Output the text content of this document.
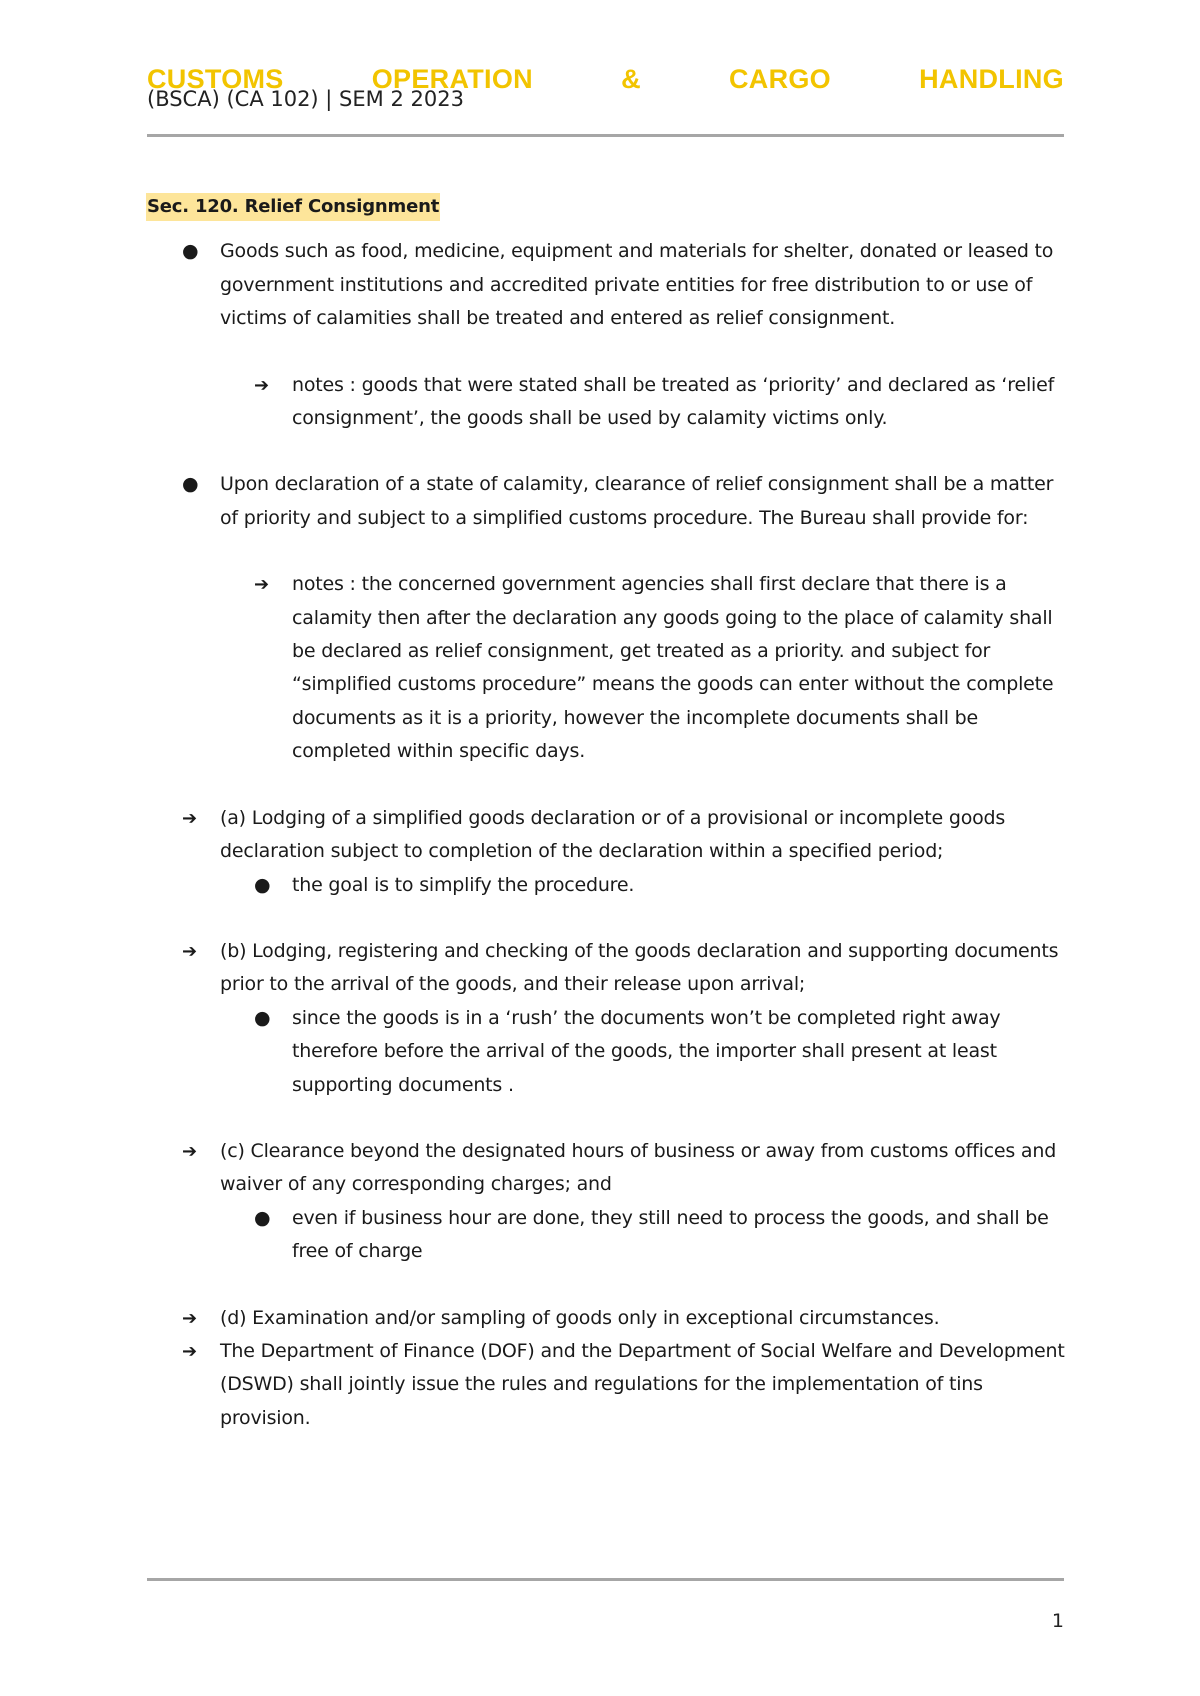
CUSTOMS	OPERATION	&	CARGO	HANDLING
(BSCA) (CA 102) | SEM 2 2023
Sec. 120. Relief Consignment
● Goods such as food, medicine, equipment and materials for shelter, donated or leased to government institutions and accredited private entities for free distribution to or use of victims of calamities shall be treated and entered as relief consignment.
➔ notes : goods that were stated shall be treated as ‘priority’ and declared as ‘relief consignment’, the goods shall be used by calamity victims only.
● Upon declaration of a state of calamity, clearance of relief consignment shall be a matter of priority and subject to a simplified customs procedure. The Bureau shall provide for:
➔ notes : the concerned government agencies shall first declare that there is a calamity then after the declaration any goods going to the place of calamity shall be declared as relief consignment, get treated as a priority. and subject for “simplified customs procedure” means the goods can enter without the complete documents as it is a priority, however the incomplete documents shall be completed within specific days.
➔ (a) Lodging of a simplified goods declaration or of a provisional or incomplete goods declaration subject to completion of the declaration within a specified period;
● the goal is to simplify the procedure.
➔ (b) Lodging, registering and checking of the goods declaration and supporting documents prior to the arrival of the goods, and their release upon arrival;
● since the goods is in a ‘rush’ the documents won’t be completed right away therefore before the arrival of the goods, the importer shall present at least supporting documents .
➔ (c) Clearance beyond the designated hours of business or away from customs offices and waiver of any corresponding charges; and
● even if business hour are done, they still need to process the goods, and shall be free of charge
➔ (d) Examination and/or sampling of goods only in exceptional circumstances.
➔ The Department of Finance (DOF) and the Department of Social Welfare and Development (DSWD) shall jointly issue the rules and regulations for the implementation of tins provision.
1
